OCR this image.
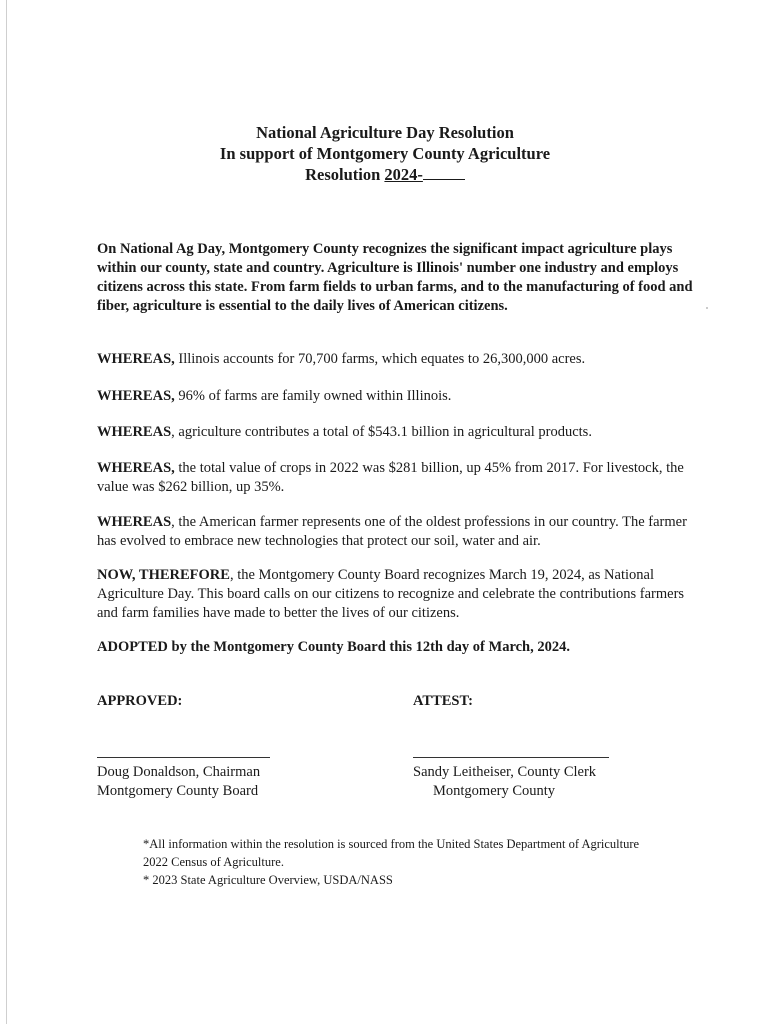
National Agriculture Day Resolution
In support of Montgomery County Agriculture
Resolution 2024-
On National Ag Day, Montgomery County recognizes the significant impact agriculture plays within our county, state and country. Agriculture is Illinois' number one industry and employs citizens across this state. From farm fields to urban farms, and to the manufacturing of food and fiber, agriculture is essential to the daily lives of American citizens.
WHEREAS, Illinois accounts for 70,700 farms, which equates to 26,300,000 acres.
WHEREAS, 96% of farms are family owned within Illinois.
WHEREAS, agriculture contributes a total of $543.1 billion in agricultural products.
WHEREAS, the total value of crops in 2022 was $281 billion, up 45% from 2017. For livestock, the value was $262 billion, up 35%.
WHEREAS, the American farmer represents one of the oldest professions in our country. The farmer has evolved to embrace new technologies that protect our soil, water and air.
NOW, THEREFORE, the Montgomery County Board recognizes March 19, 2024, as National Agriculture Day. This board calls on our citizens to recognize and celebrate the contributions farmers and farm families have made to better the lives of our citizens.
ADOPTED by the Montgomery County Board this 12th day of March, 2024.
APPROVED:	ATTEST:
Doug Donaldson, Chairman
Montgomery County Board
Sandy Leitheiser, County Clerk
Montgomery County
*All information within the resolution is sourced from the United States Department of Agriculture 2022 Census of Agriculture.
* 2023 State Agriculture Overview, USDA/NASS
